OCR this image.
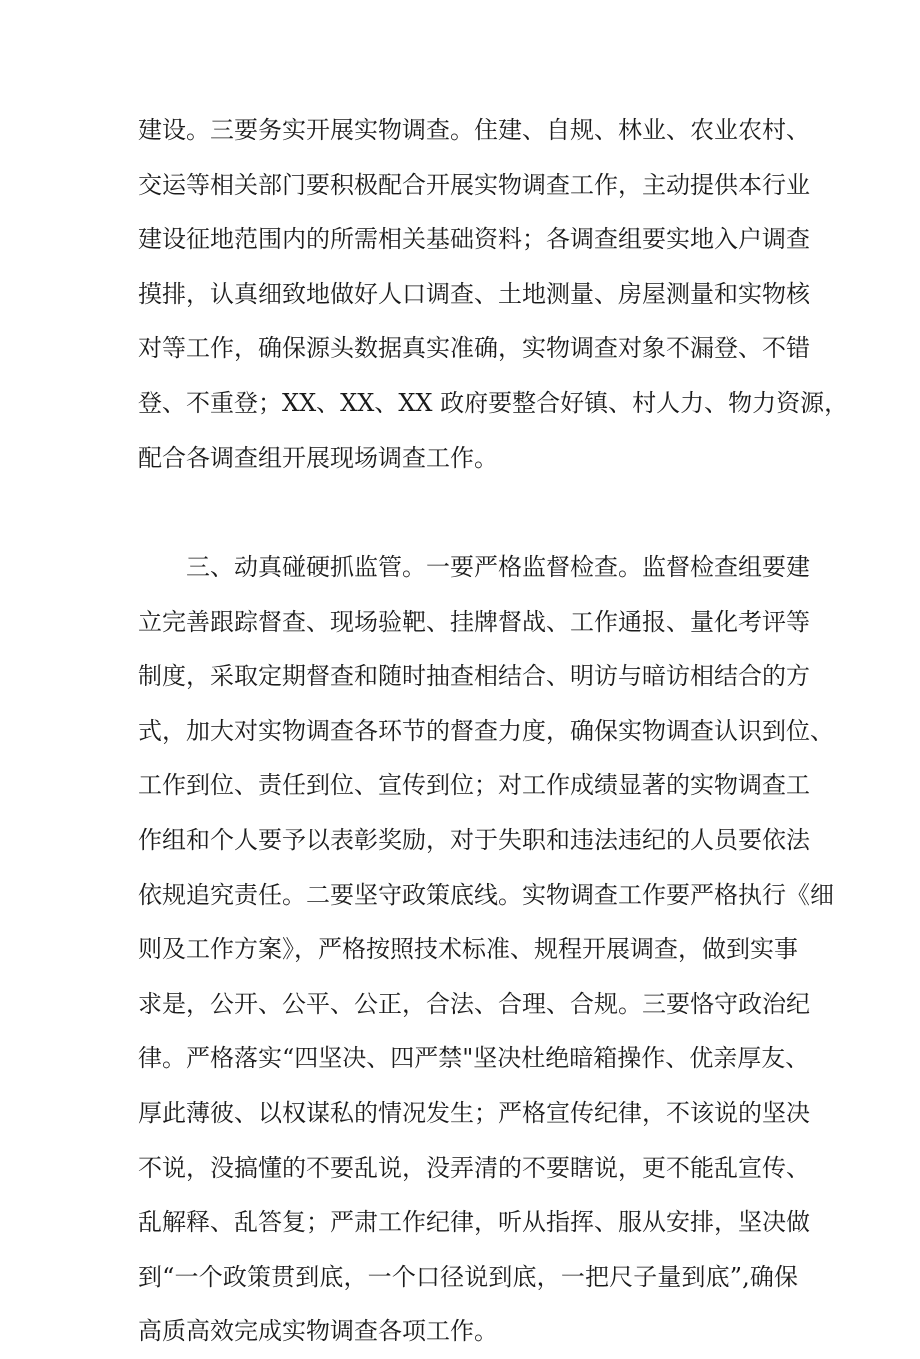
建设。三要务实开展实物调查。住建、自规、林业、农业农村、
交运等相关部门要积极配合开展实物调查工作，主动提供本行业
建设征地范围内的所需相关基础资料；各调查组要实地入户调查
摸排，认真细致地做好人口调查、土地测量、房屋测量和实物核
对等工作，确保源头数据真实准确，实物调查对象不漏登、不错
登、不重登；XX、XX、XX 政府要整合好镇、村人力、物力资源，
配合各调查组开展现场调查工作。
三、动真碰硬抓监管。一要严格监督检查。监督检查组要建
立完善跟踪督查、现场验靶、挂牌督战、工作通报、量化考评等
制度，采取定期督查和随时抽查相结合、明访与暗访相结合的方
式，加大对实物调查各环节的督查力度，确保实物调查认识到位、
工作到位、责任到位、宣传到位；对工作成绩显著的实物调查工
作组和个人要予以表彰奖励，对于失职和违法违纪的人员要依法
依规追究责任。二要坚守政策底线。实物调查工作要严格执行《细
则及工作方案》，严格按照技术标准、规程开展调查，做到实事
求是，公开、公平、公正，合法、合理、合规。三要恪守政治纪
律。严格落实“四坚决、四严禁"坚决杜绝暗箱操作、优亲厚友、
厚此薄彼、以权谋私的情况发生；严格宣传纪律，不该说的坚决
不说，没搞懂的不要乱说，没弄清的不要瞎说，更不能乱宣传、
乱解释、乱答复；严肃工作纪律，听从指挥、服从安排，坚决做
到“一个政策贯到底，一个口径说到底，一把尺子量到底”,确保
高质高效完成实物调查各项工作。
